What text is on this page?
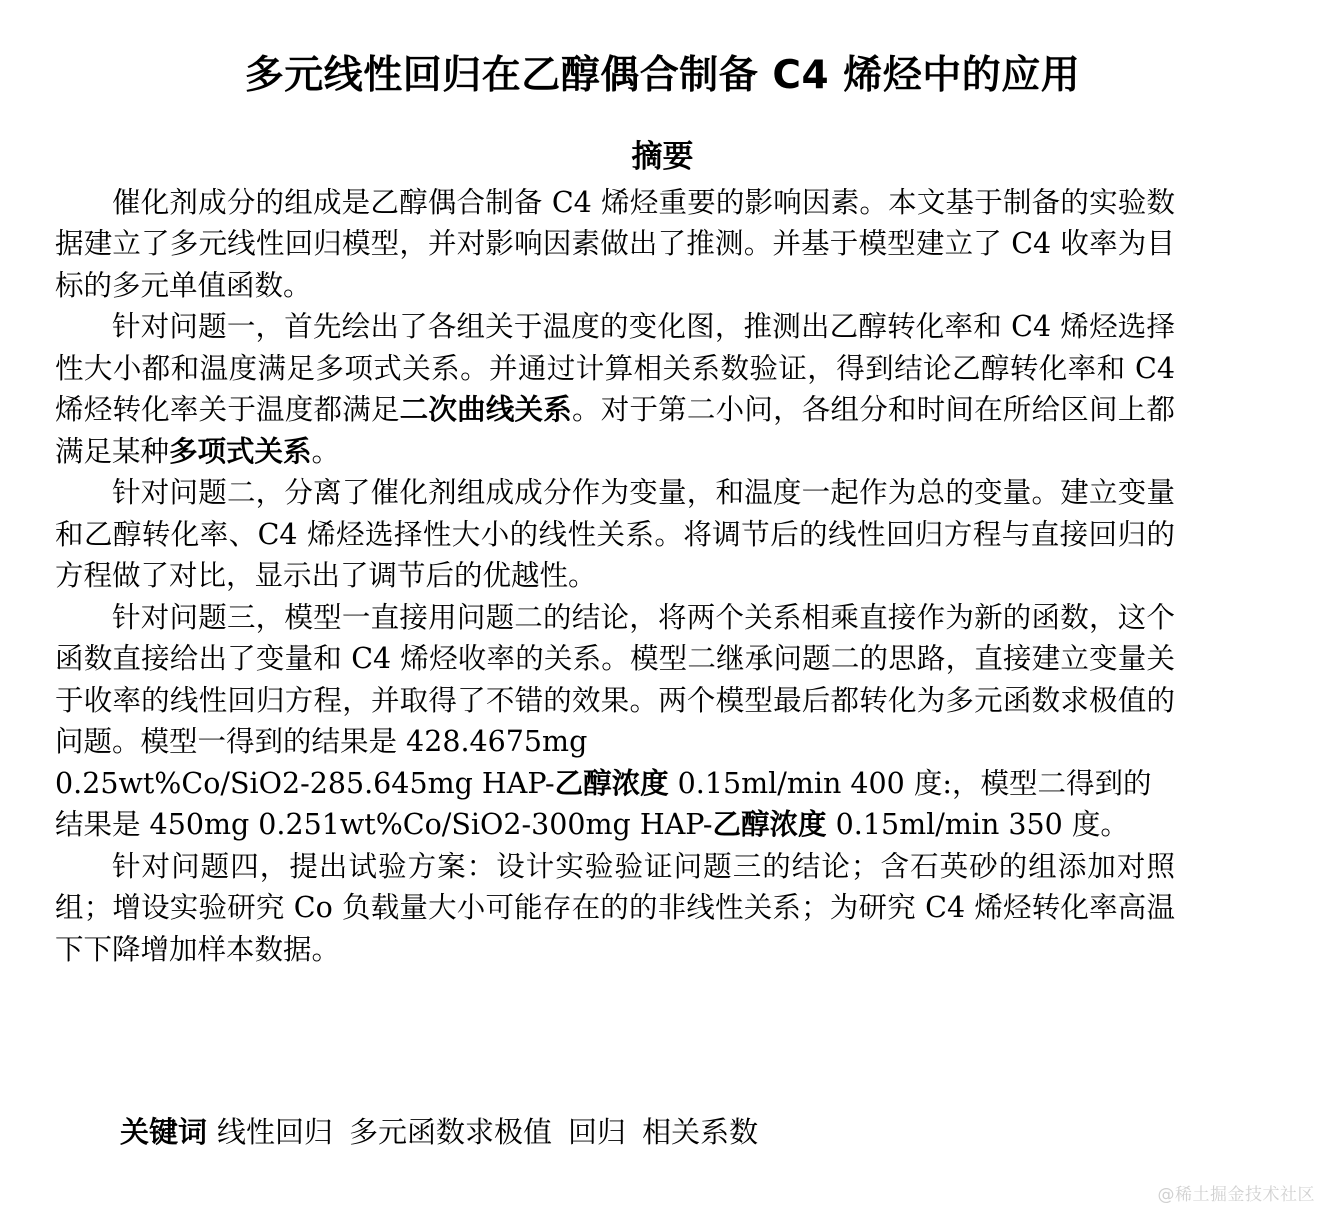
多元线性回归在乙醇偶合制备 C4 烯烃中的应用
摘要

催化剂成分的组成是乙醇偶合制备 C4 烯烃重要的影响因素。本文基于制备的实验数据建立了多元线性回归模型，并对影响因素做出了推测。并基于模型建立了 C4 收率为目标的多元单值函数。

针对问题一，首先绘出了各组关于温度的变化图，推测出乙醇转化率和 C4 烯烃选择性大小都和温度满足多项式关系。并通过计算相关系数验证，得到结论乙醇转化率和 C4 烯烃转化率关于温度都满足二次曲线关系。对于第二小问，各组分和时间在所给区间上都满足某种多项式关系。

针对问题二，分离了催化剂组成成分作为变量，和温度一起作为总的变量。建立变量和乙醇转化率、C4 烯烃选择性大小的线性关系。将调节后的线性回归方程与直接回归的方程做了对比，显示出了调节后的优越性。

针对问题三，模型一直接用问题二的结论，将两个关系相乘直接作为新的函数，这个函数直接给出了变量和 C4 烯烃收率的关系。模型二继承问题二的思路，直接建立变量关于收率的线性回归方程，并取得了不错的效果。两个模型最后都转化为多元函数求极值的问题。模型一得到的结果是 428.4675mg

0.25wt%Co/SiO2-285.645mg HAP-乙醇浓度 0.15ml/min 400 度:，模型二得到的

结果是 450mg 0.251wt%Co/SiO2-300mg HAP-乙醇浓度 0.15ml/min 350 度。

针对问题四，提出试验方案：设计实验验证问题三的结论；含石英砂的组添加对照组；增设实验研究 Co 负载量大小可能存在的的非线性关系；为研究 C4 烯烃转化率高温下下降增加样本数据。

关键词 线性回归 多元函数求极值 回归 相关系数
@稀土掘金技术社区
